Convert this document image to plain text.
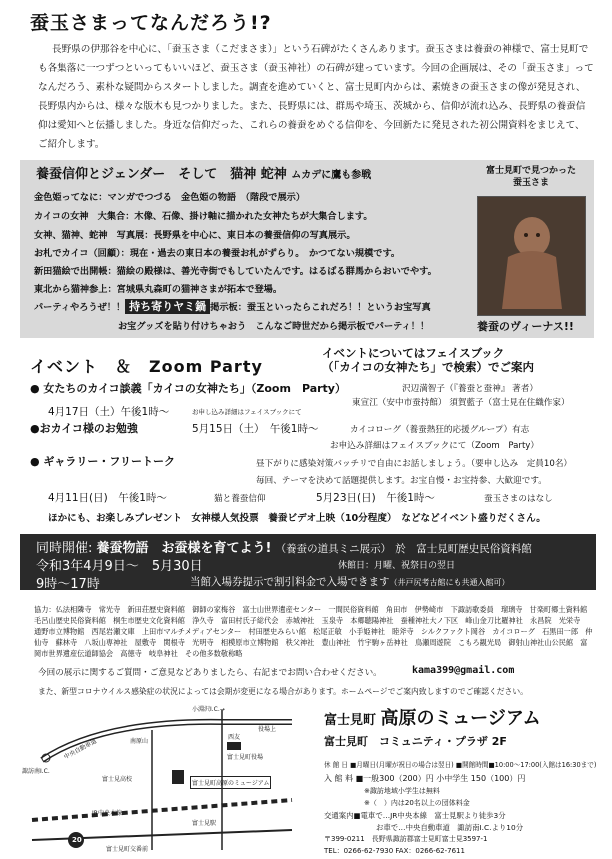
蚕玉さまってなんだろう!?
長野県の伊那谷を中心に、「蚕玉さま（こだまさま）」という石碑がたくさんあります。蚕玉さまは養蚕の神様で、富士見町でも各集落に一つずつといってもいいほど、蚕玉さま（蚕玉神社）の石碑が建っています。今回の企画展は、その「蚕玉さま」ってなんだろう、素朴な疑問からスタートしました。調査を進めていくと、富士見町内からは、素焼きの蚕玉さまの像が発見され、長野県内からは、様々な版木も見つかりました。また、長野県には、群馬や埼玉、茨城から、信仰が流れ込み、長野県の養蚕信仰は愛知へと伝播しました。身近な信仰だった、これらの養蚕をめぐる信仰を、今回新たに発見された初公開資料をまじえて、ご紹介します。
養蚕信仰とジェンダー　そして　猫神 蛇神 ムカデに鷹も参戦
金色姫ってなに：マンガでつづる　金色姫の物語　（階段で展示）
カイコの女神　大集合：木像、石像、掛け軸に描かれた女神たちが大集合します。
女神、猫神、蛇神　写真展：長野県を中心に、東日本の養蚕信仰の写真展示。
お札でカイコ（回顧）：現在・過去の東日本の養蚕お札がずらり。　かつてない規模です。
新田猫絵で出開帳：猫絵の殿様は、善光寺街でもしていたんです。はるばる群馬からおいでやす。
東北から猫神参上：宮城県丸森町の猫神さまが拓本で登場。
パーティやろうぜ！！ 持ち寄りヤミ鍋 掲示板：蚕玉といったらこれだろ！！というお宝写真
お宝グッズを貼り付けちゃおう　こんなご時世だから掲示板でパーティ！！
富士見町で見つかった蚕玉さま
養蚕のヴィーナス!!
イベント　＆　Zoom Party
イベントについてはフェイスブック
（「カイコの女神たち」で検索）でご案内
● 女たちのカイコ談義「カイコの女神たち」（Zoom　Party）	沢辺満智子（『養蚕と蚕神』 著者）
東宣江（安中市蚕持館） 須賀藍子（富士見在住織作家）
4月17日（土）午後1時～	お申し込み詳細はフェイスブックにて
●おカイコ様のお勉強	5月15日（土）　午後1時～	カイコローグ（養蚕熱狂的応援グループ）有志
お申込み詳細はフェイスブックにて（Zoom　Party）
● ギャラリー・フリートーク	昼下がりに感染対策バッチリで自由にお話しましょう。（要申し込み　定員10名）
毎回、テーマを決めて話題提供します。お宝自慢・お宝持参、大歓迎です。
4月11日(日)　午後1時～	猫と養蚕信仰	5月23日(日)　午後1時～	蚕玉さまのはなし
ほかにも、お楽しみプレゼント　女神様人気投票　養蚕ビデオ上映（10分程度）　などなどイベント盛りだくさん。
同時開催: 養蚕物語　お蚕様を育てよう! （養蚕の道具ミニ展示） 於　富士見町歴史民俗資料館
令和3年4月9日～　5月30日	休館日：月曜、祝祭日の翌日
9時～17時	当館入場券提示で割引料金で入場できます（井戸尻考古館にも共通入館可）
協力：仏法相隣寺　常光寺　新田荘歴史資料館　御師の家梅谷　富士山世界遺産センター　一間民俗資料館　角田市　伊勢崎市　下諏訪歌委員　瑠璃寺　甘楽町郷土資料館　毛呂山歴史民俗資料館　桐生市歴史文化資料館　浄久寺　富田村氏子総代会　赤城神社　玉泉寺　本郷聴陽神社　蚕種神社大ノ下区　峰山金刀比羅神社　永昌院　光栄寺　通野市立博物館　西尾岩瀬文庫　上田市マルチメディアセンター　村田歴史みらい館　松尾正敏　小手姫神社　睦斧寺　シルクファクト岡谷　カイコローグ　石黒田一郎　仲仙寺　蘇林寺　八坂山専神社　屋敷寺　関根寺　光明寺　相模原市立博物館　秩父神社　豊山神社　竹宇駒ヶ岳神社　鳥瀬周遊院　こもろ観光局　御射山神社山公民館　富岡市世界遺産伝道師協会　高徳寺　岐阜神社　その他多数敬称略
今回の展示に関するご質問・ご意見などありましたら、右記までお問い合わせください。	kama399@gmail.com
また、新型コロナウイルス感染症の状況によっては会期が変更になる場合があります。ホームページでご案内致しますのでご確認ください。
小淵沢I.C.→
役場上
南原山
西友
富士見町役場
中央自動車道
富士見高校
富士見町高原のミュージアム
JR中央本線
富士見駅
諏訪南I.C.
富士見町交番前
20
富士見町 高原のミュージアム
富士見町　コミュニティ・プラザ 2F
休 館 日 ■月曜日(月曜が祝日の場合は翌日) ■開館時間■10:00～17:00(入館は16:30まで)
入 館 料 ■一般300（200）円 小中学生 150（100）円
※諏訪地域小学生は無料
※（　）内は20名以上の団体料金
交通案内■電車で…JR中央本線　富士見駅より徒歩3分
お車で…中央自動車道　諏訪南I.C.より10分
〒399-0211　長野県諏訪郡富士見町富士見3597-1
TEL：0266-62-7930 FAX：0266-62-7611
